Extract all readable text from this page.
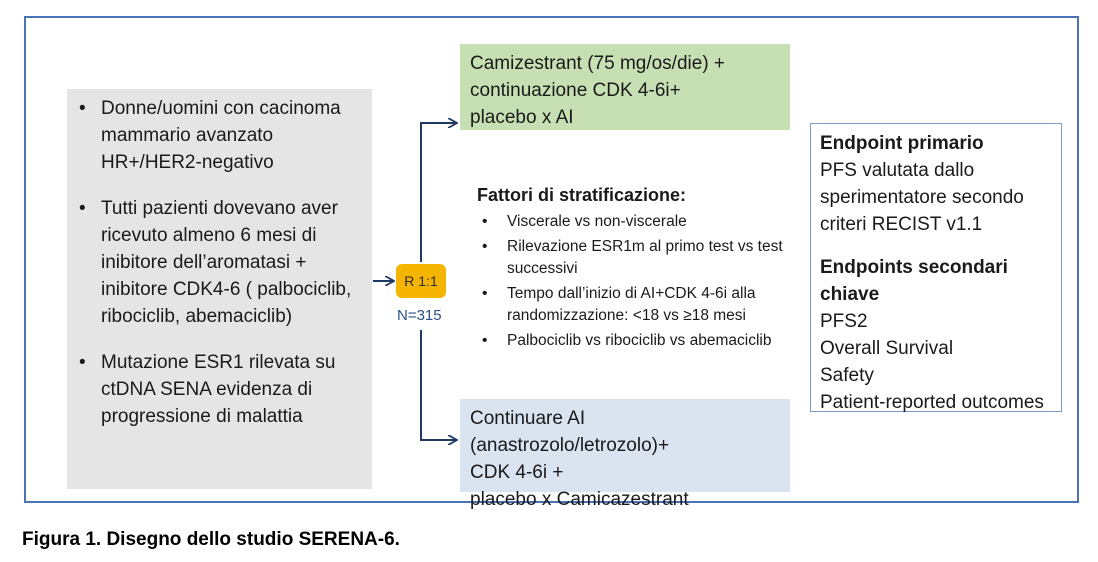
• Donne/uomini con cacinoma mammario avanzato HR+/HER2-negativo
• Tutti pazienti dovevano aver ricevuto almeno 6 mesi di inibitore dell’aromatasi + inibitore CDK4-6 ( palbociclib, ribociclib, abemaciclib)
• Mutazione ESR1 rilevata su ctDNA SENA evidenza di progressione di malattia
R 1:1
N=315
Camizestrant (75 mg/os/die) +
continuazione CDK 4-6i+
placebo x AI
Continuare AI (anastrozolo/letrozolo)+
CDK 4-6i +
placebo x Camicazestrant
Fattori di stratificazione:
• Viscerale vs non-viscerale
• Rilevazione ESR1m al primo test vs test successivi
• Tempo dall’inizio di AI+CDK 4-6i alla randomizzazione: <18 vs ≥18 mesi
• Palbociclib vs ribociclib vs abemaciclib
Endpoint primario
PFS valutata dallo
sperimentatore secondo
criteri RECIST v1.1
Endpoints secondari chiave
PFS2
Overall Survival
Safety
Patient-reported outcomes
Figura 1. Disegno dello studio SERENA-6.
